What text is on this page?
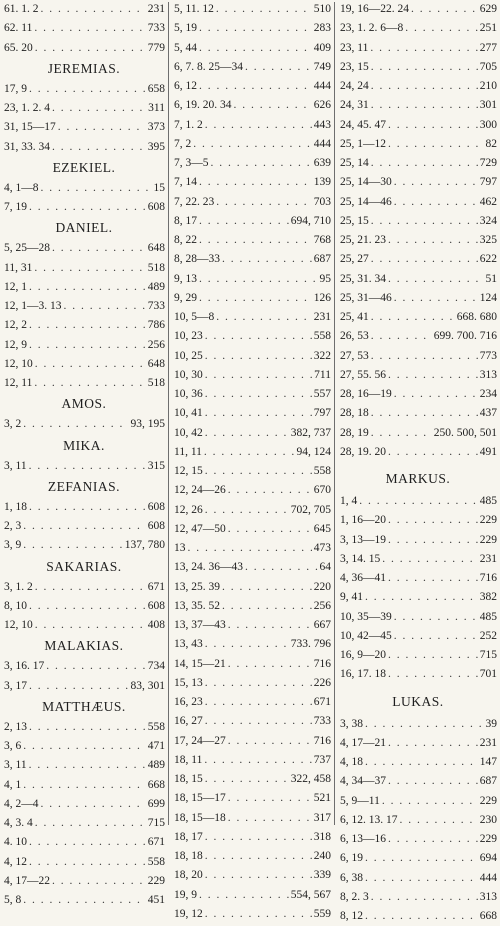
61. 1. 2 . . .	231
62. 11 . . .	733
65. 20 . . .	779
JEREMIAS.
17, 9 . . .	658
23, 1. 2. 4 . . .	311
31, 15—17 . . .	373
31, 33. 34 . . .	395
EZEKIEL.
4, 1—8 . . .	15
7, 19 . . .	608
DANIEL.
5, 25—28 . . .	648
11, 31 . . .	518
12, 1 . . .	489
12, 1—3. 13 . . .	733
12, 2 . . .	786
12, 9 . . .	256
12, 10 . . .	648
12, 11 . . .	518
AMOS.
3, 2 . . .	93, 195
MIKA.
3, 11 . . .	315
ZEFANIAS.
1, 18 . . .	608
2, 3 . . .	608
3, 9 . . .	137, 780
SAKARIAS.
3, 1. 2 . . .	671
8, 10 . . .	608
12, 10 . . .	408
MALAKIAS.
3, 16. 17 . . .	734
3, 17 . . .	83, 301
MATTHÆUS.
2, 13 . . .	558
3, 6 . . .	471
3, 11 . . .	489
4, 1 . . .	668
4, 2—4 . . .	699
4, 3. 4 . . .	715
4. 10 . . .	671
4, 12 . . .	558
4, 17—22 . . .	229
5, 8 . . .	451
5, 11. 12 . . .	510
5, 19 . . .	283
5, 44 . . .	409
6, 7. 8. 25—34 . . .	749
6, 12 . . .	444
6, 19. 20. 34 . . .	626
7, 1. 2 . . .	443
7, 2 . . .	444
7, 3—5 . . .	639
7, 14 . . .	139
7, 22. 23 . . .	703
8, 17 . . .	694, 710
8, 22 . . .	768
8, 28—33 . . .	687
9, 13 . . .	95
9, 29 . . .	126
10, 5—8 . . .	231
10, 23 . . .	558
10, 25 . . .	322
10, 30 . . .	711
10, 36 . . .	557
10, 41 . . .	797
10, 42 . . .	382, 737
11, 11 . . .	94, 124
12, 15 . . .	558
12, 24—26 . . .	670
12, 26 . . .	702, 705
12, 47—50 . . .	645
13 . . .	473
13, 24. 36—43 . . .	64
13, 25. 39 . . .	220
13, 35. 52 . . .	256
13, 37—43 . . .	667
13, 43 . . .	733. 796
14, 15—21 . . .	716
15, 13 . . .	226
16, 23 . . .	671
16, 27 . . .	733
17, 24—27 . . .	716
18, 11 . . .	737
18, 15 . . .	322, 458
18, 15—17 . . .	521
18, 15—18 . . .	317
18, 17 . . .	318
18, 18 . . .	240
18, 20 . . .	339
19, 9 . . .	554, 567
19, 12 . . .	559
19, 16—22. 24 . . .	629
23, 1. 2. 6—8 . . .	251
23, 11 . . .	277
23, 15 . . .	705
24, 24 . . .	210
24, 31 . . .	301
24, 45. 47 . . .	300
25, 1—12 . . .	82
25, 14 . . .	729
25, 14—30 . . .	797
25, 14—46 . . .	462
25, 15 . . .	324
25, 21. 23 . . .	325
25, 27 . . .	622
25, 31. 34 . . .	51
25, 31—46 . . .	124
25, 41 . . .	668. 680
26, 53 . . .	699. 700. 716
27, 53 . . .	773
27, 55. 56 . . .	313
28, 16—19 . . .	234
28, 18 . . .	437
28, 19 . . .	250. 500, 501
28, 19. 20 . . .	491
MARKUS.
1, 4 . . .	485
1, 16—20 . . .	229
3, 13—19 . . .	229
3, 14. 15 . . .	231
4, 36—41 . . .	716
9, 41 . . .	382
10, 35—39 . . .	485
10, 42—45 . . .	252
16, 9—20 . . .	715
16, 17. 18 . . .	701
LUKAS.
3, 38 . . .	39
4, 17—21 . . .	231
4, 18 . . .	147
4, 34—37 . . .	687
5, 9—11 . . .	229
6, 12. 13. 17 . . .	230
6, 13—16 . . .	229
6, 19 . . .	694
6, 38 . . .	444
8, 2. 3 . . .	313
8, 12 . . .	668
